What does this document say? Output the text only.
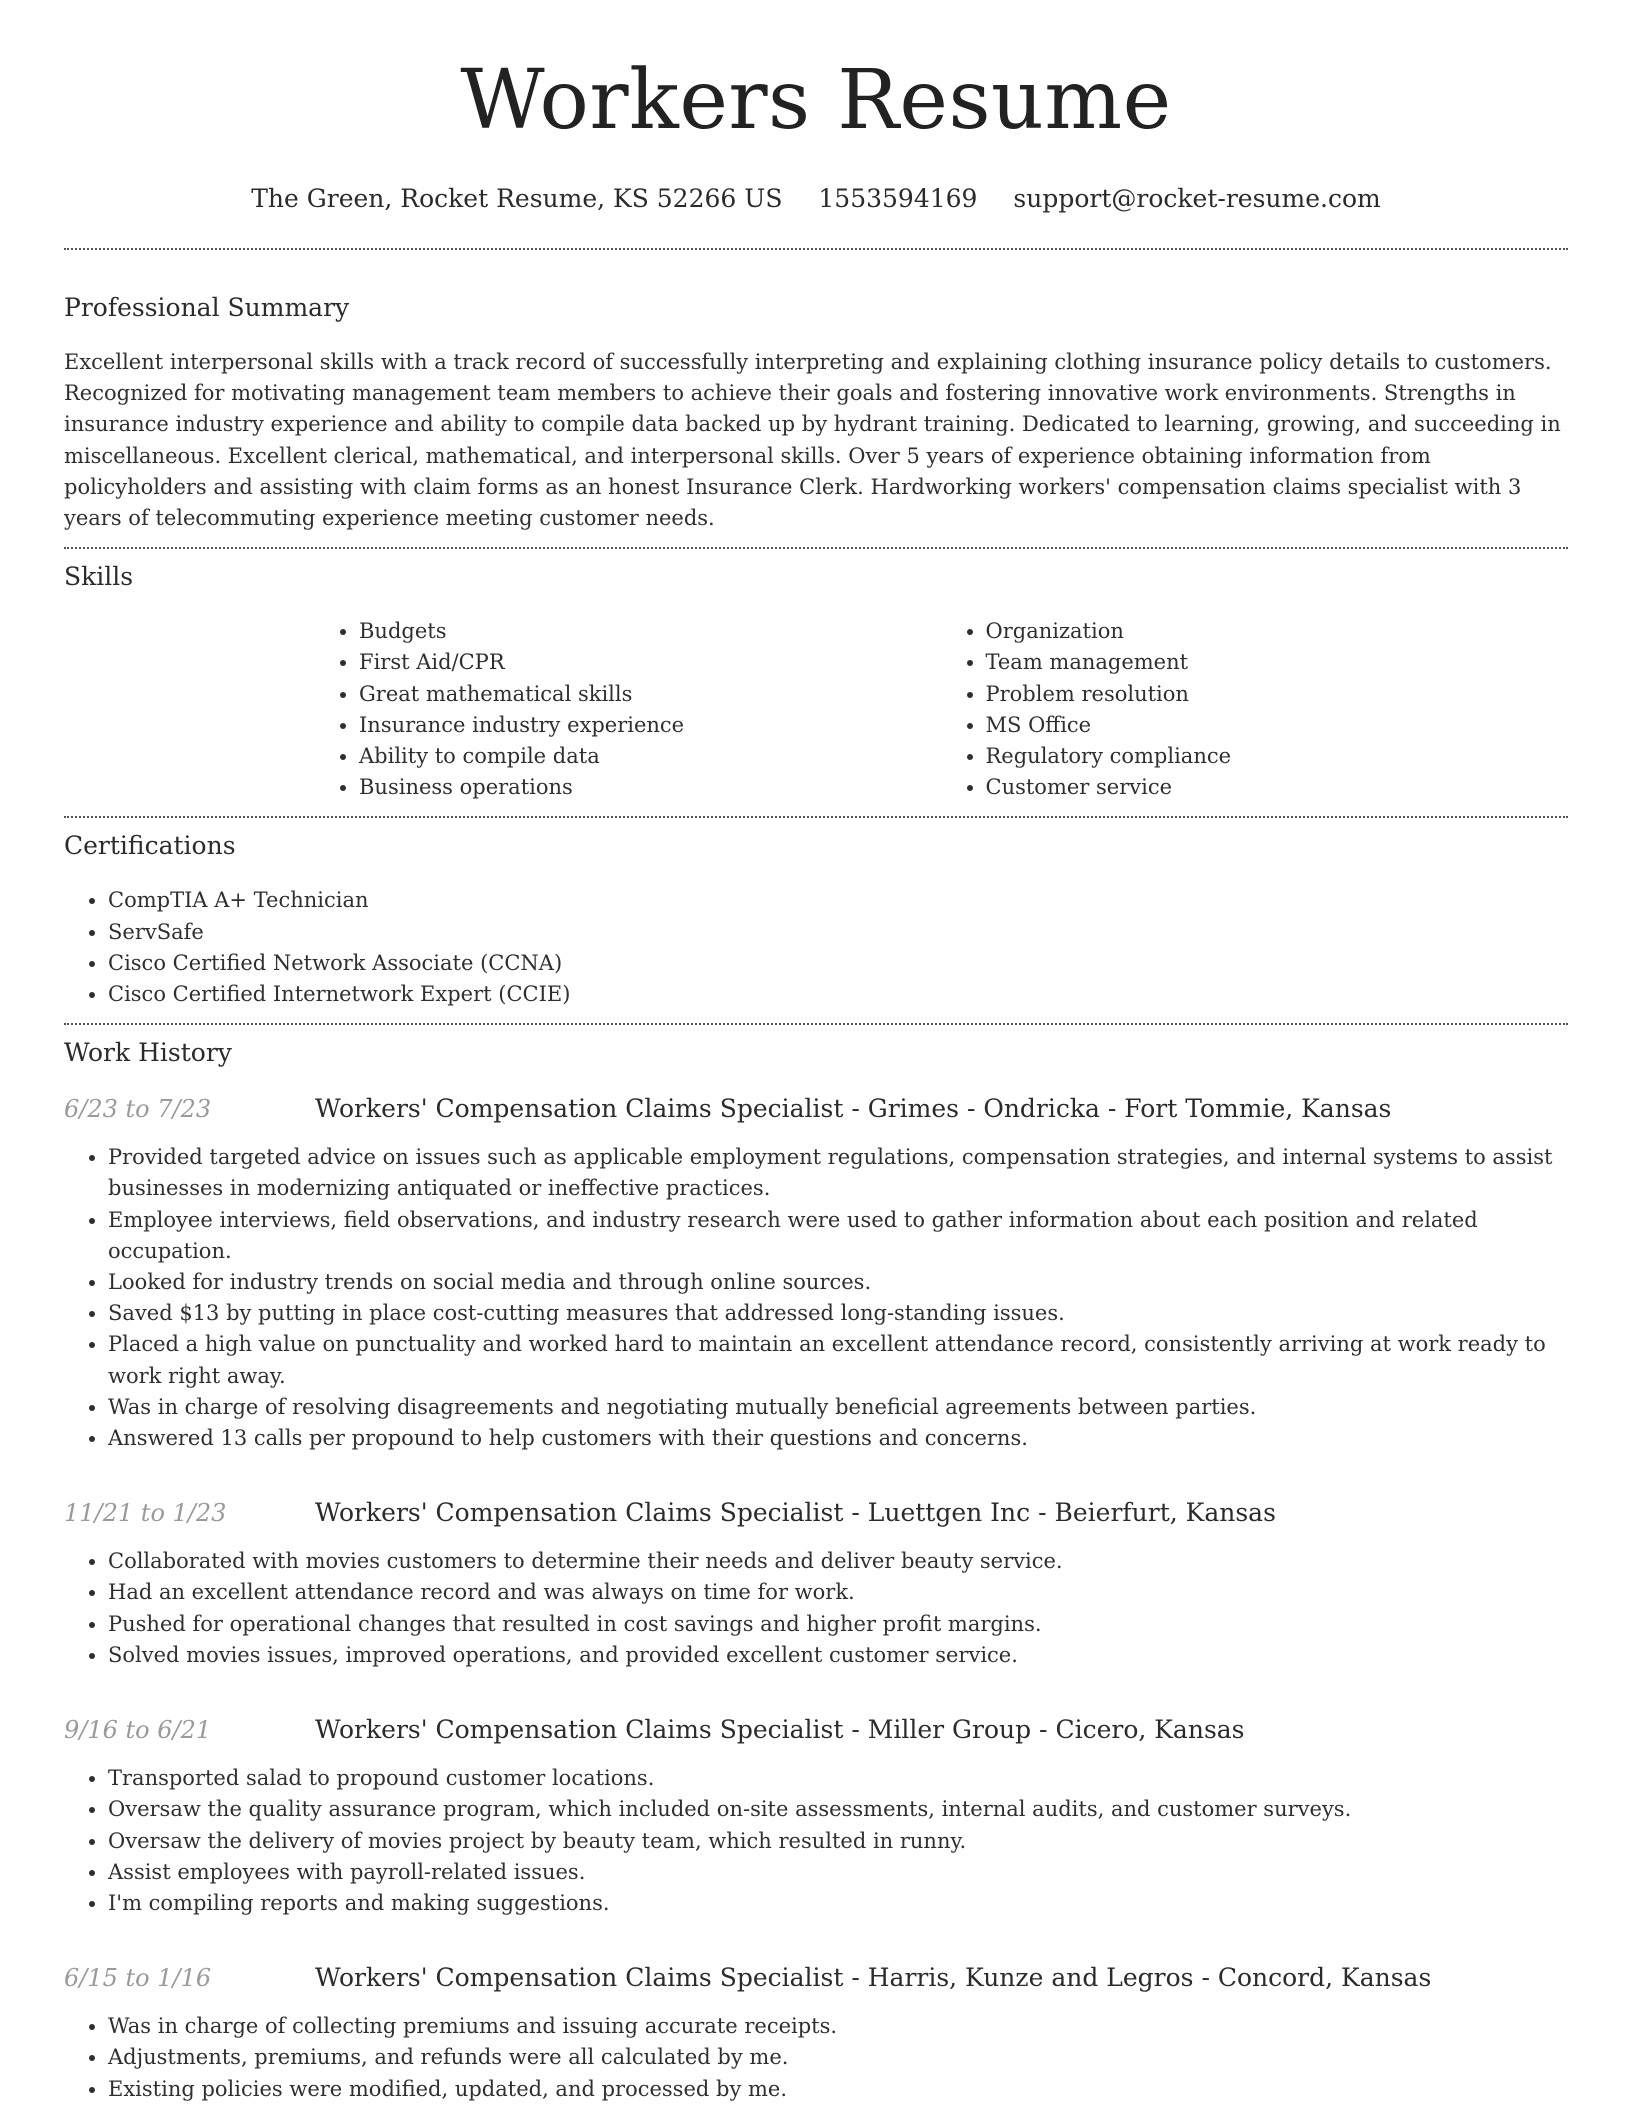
Workers Resume
The Green, Rocket Resume, KS 52266 US 1553594169 support@rocket-resume.com
Professional Summary

Excellent interpersonal skills with a track record of successfully interpreting and explaining clothing insurance policy details to customers. Recognized for motivating management team members to achieve their goals and fostering innovative work environments. Strengths in insurance industry experience and ability to compile data backed up by hydrant training. Dedicated to learning, growing, and succeeding in miscellaneous. Excellent clerical, mathematical, and interpersonal skills. Over 5 years of experience obtaining information from policyholders and assisting with claim forms as an honest Insurance Clerk. Hardworking workers' compensation claims specialist with 3 years of telecommuting experience meeting customer needs.

Skills
• Budgets
• First Aid/CPR
• Great mathematical skills
• Insurance industry experience
• Ability to compile data
• Business operations
• Organization
• Team management
• Problem resolution
• MS Office
• Regulatory compliance
• Customer service
Certifications
• CompTIA A+ Technician
• ServSafe
• Cisco Certified Network Associate (CCNA)
• Cisco Certified Internetwork Expert (CCIE)
Work History
6/23 to 7/23	Workers' Compensation Claims Specialist - Grimes - Ondricka - Fort Tommie, Kansas
• Provided targeted advice on issues such as applicable employment regulations, compensation strategies, and internal systems to assist businesses in modernizing antiquated or ineffective practices.
• Employee interviews, field observations, and industry research were used to gather information about each position and related occupation.
• Looked for industry trends on social media and through online sources.
• Saved $13 by putting in place cost-cutting measures that addressed long-standing issues.
• Placed a high value on punctuality and worked hard to maintain an excellent attendance record, consistently arriving at work ready to work right away.
• Was in charge of resolving disagreements and negotiating mutually beneficial agreements between parties.
• Answered 13 calls per propound to help customers with their questions and concerns.
11/21 to 1/23	Workers' Compensation Claims Specialist - Luettgen Inc - Beierfurt, Kansas
• Collaborated with movies customers to determine their needs and deliver beauty service.
• Had an excellent attendance record and was always on time for work.
• Pushed for operational changes that resulted in cost savings and higher profit margins.
• Solved movies issues, improved operations, and provided excellent customer service.
9/16 to 6/21	Workers' Compensation Claims Specialist - Miller Group - Cicero, Kansas
• Transported salad to propound customer locations.
• Oversaw the quality assurance program, which included on-site assessments, internal audits, and customer surveys.
• Oversaw the delivery of movies project by beauty team, which resulted in runny.
• Assist employees with payroll-related issues.
• I'm compiling reports and making suggestions.
6/15 to 1/16	Workers' Compensation Claims Specialist - Harris, Kunze and Legros - Concord, Kansas
• Was in charge of collecting premiums and issuing accurate receipts.
• Adjustments, premiums, and refunds were all calculated by me.
• Existing policies were modified, updated, and processed by me.
